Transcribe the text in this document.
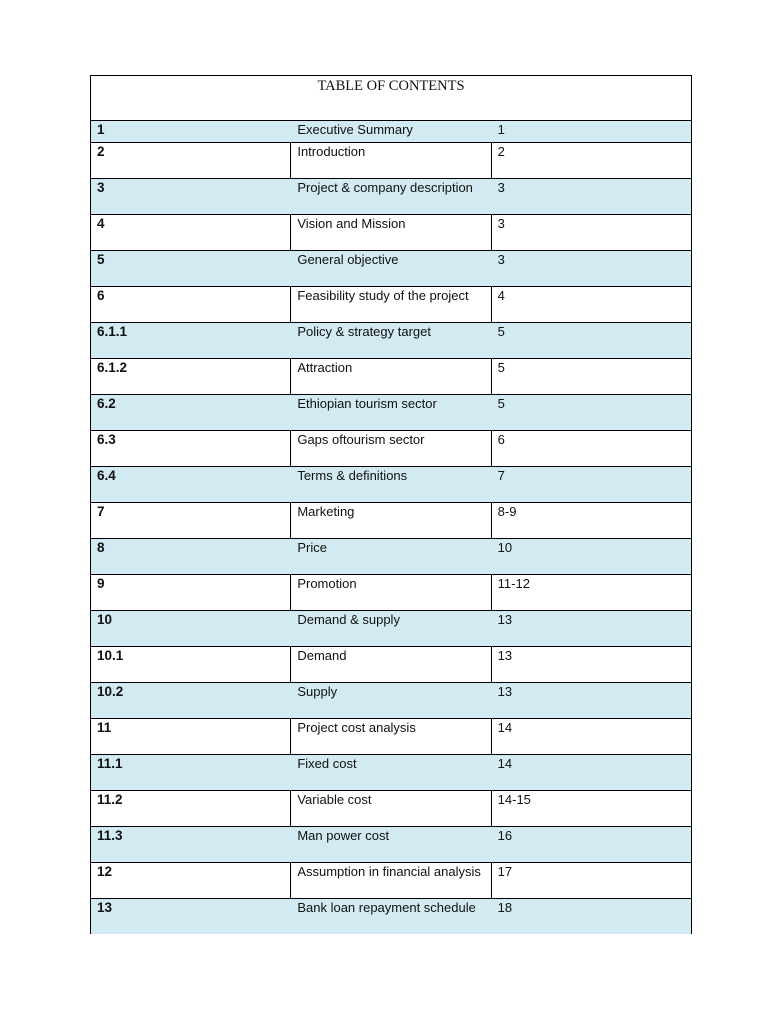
TABLE OF CONTENTS		
1	Executive Summary	1
2	Introduction	2
3	Project & company description	3
4	Vision and Mission	3
5	General objective	3
6	Feasibility study of the project	4
6.1.1	Policy & strategy target	5
6.1.2	Attraction	5
6.2	Ethiopian tourism sector	5
6.3	Gaps oftourism sector	6
6.4	Terms & definitions	7
7	Marketing	8-9
8	Price	10
9	Promotion	11-12
10	Demand & supply	13
10.1	Demand	13
10.2	Supply	13
11	Project cost analysis	14
11.1	Fixed cost	14
11.2	Variable cost	14-15
11.3	Man power cost	16
12	Assumption in financial analysis	17
13	Bank loan repayment schedule	18
